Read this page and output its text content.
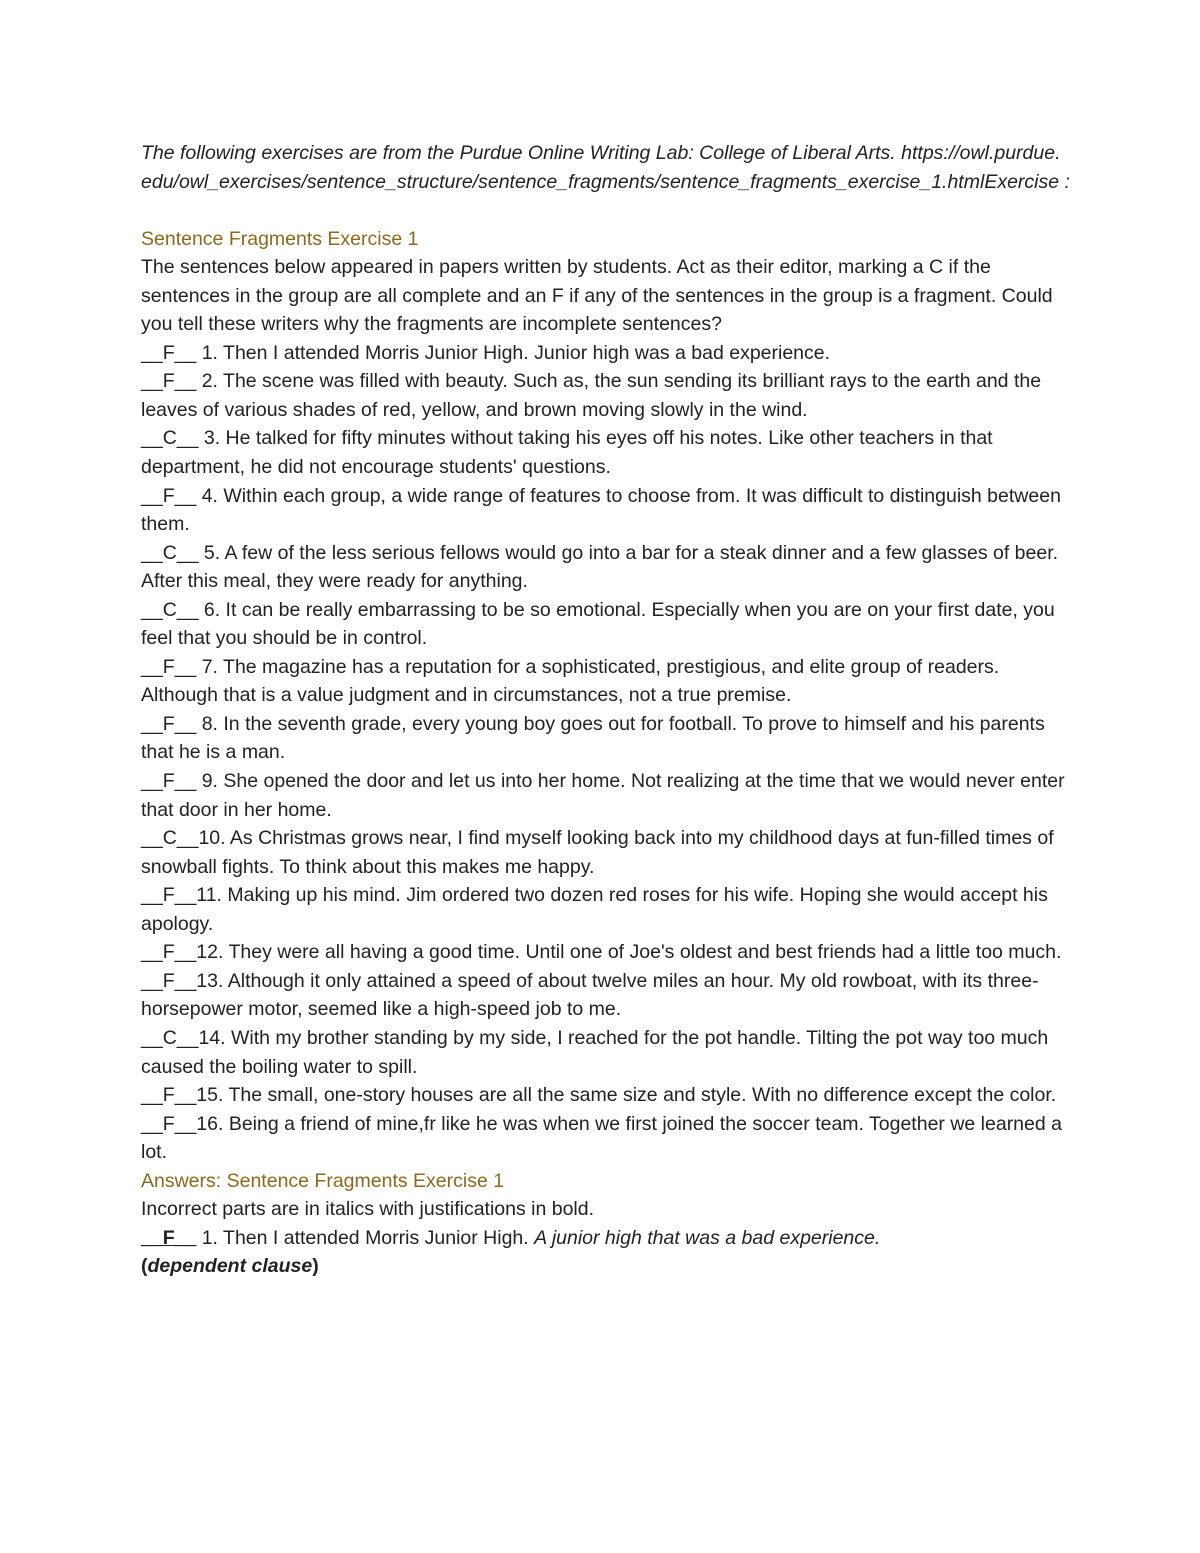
The following exercises are from the Purdue Online Writing Lab: College of Liberal Arts. https://owl.purdue.edu/owl_exercises/sentence_structure/sentence_fragments/sentence_fragments_exercise_1.htmlExercise :
Sentence Fragments Exercise 1
The sentences below appeared in papers written by students. Act as their editor, marking a C if the sentences in the group are all complete and an F if any of the sentences in the group is a fragment. Could you tell these writers why the fragments are incomplete sentences?
__F__ 1. Then I attended Morris Junior High. Junior high was a bad experience.
__F__ 2. The scene was filled with beauty. Such as, the sun sending its brilliant rays to the earth and the leaves of various shades of red, yellow, and brown moving slowly in the wind.
__C__ 3. He talked for fifty minutes without taking his eyes off his notes. Like other teachers in that department, he did not encourage students' questions.
__F__ 4. Within each group, a wide range of features to choose from. It was difficult to distinguish between them.
__C__ 5. A few of the less serious fellows would go into a bar for a steak dinner and a few glasses of beer. After this meal, they were ready for anything.
__C__ 6. It can be really embarrassing to be so emotional. Especially when you are on your first date, you feel that you should be in control.
__F__ 7. The magazine has a reputation for a sophisticated, prestigious, and elite group of readers. Although that is a value judgment and in circumstances, not a true premise.
__F__ 8. In the seventh grade, every young boy goes out for football. To prove to himself and his parents that he is a man.
__F__ 9. She opened the door and let us into her home. Not realizing at the time that we would never enter that door in her home.
__C__10. As Christmas grows near, I find myself looking back into my childhood days at fun-filled times of snowball fights. To think about this makes me happy.
__F__11. Making up his mind. Jim ordered two dozen red roses for his wife. Hoping she would accept his apology.
__F__12. They were all having a good time. Until one of Joe's oldest and best friends had a little too much.
__F__13. Although it only attained a speed of about twelve miles an hour. My old rowboat, with its three-horsepower motor, seemed like a high-speed job to me.
__C__14. With my brother standing by my side, I reached for the pot handle. Tilting the pot way too much caused the boiling water to spill.
__F__15. The small, one-story houses are all the same size and style. With no difference except the color.
__F__16. Being a friend of mine,fr like he was when we first joined the soccer team. Together we learned a lot.
Answers: Sentence Fragments Exercise 1
Incorrect parts are in italics with justifications in bold.
__F__ 1. Then I attended Morris Junior High. A junior high that was a bad experience.
(dependent clause)
